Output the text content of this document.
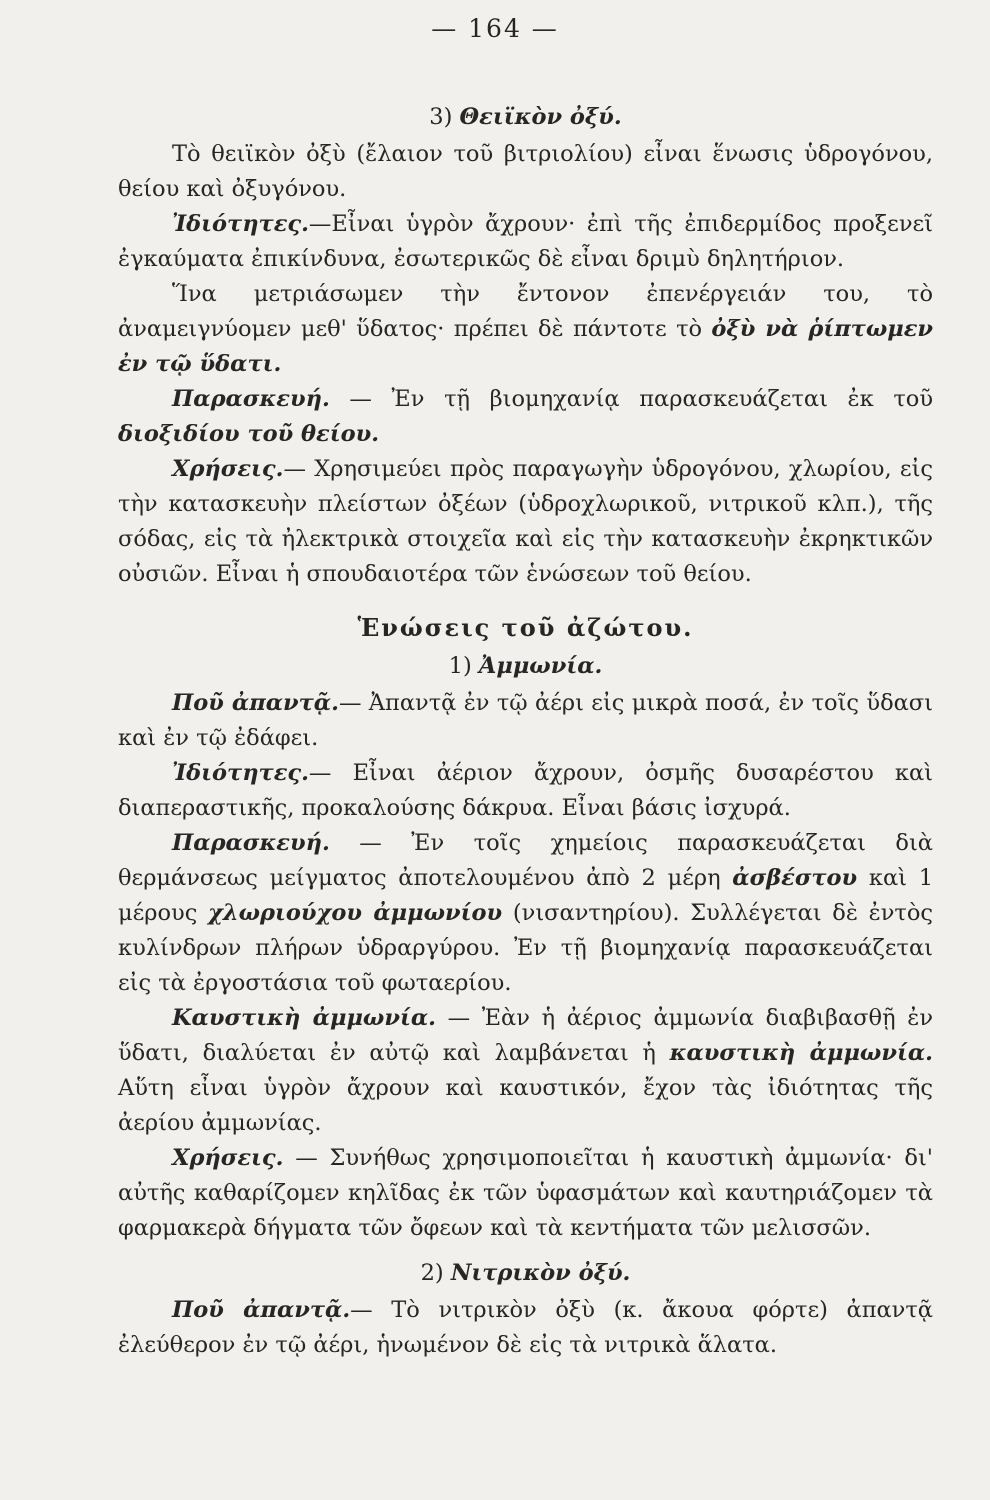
— 164 —

3) Θειϊκὸν ὀξύ.

Τὸ θειϊκὸν ὀξὺ (ἔλαιον τοῦ βιτριολίου) εἶναι ἕνωσις ὑδρογόνου, θείου καὶ ὀξυγόνου.

Ἰδιότητες.—Εἶναι ὑγρὸν ἄχρουν· ἐπὶ τῆς ἐπιδερμίδος προξενεῖ ἐγκαύματα ἐπικίνδυνα, ἐσωτερικῶς δὲ εἶναι δριμὺ δηλητήριον.

Ἵνα μετριάσωμεν τὴν ἔντονον ἐπενέργειάν του, τὸ ἀναμειγνύομεν μεθ' ὕδατος· πρέπει δὲ πάντοτε τὸ ὀξὺ νὰ ῥίπτωμεν ἐν τῷ ὕδατι.

Παρασκευή. — Ἐν τῇ βιομηχανίᾳ παρασκευάζεται ἐκ τοῦ διοξιδίου τοῦ θείου.

Χρήσεις.— Χρησιμεύει πρὸς παραγωγὴν ὑδρογόνου, χλωρίου, εἰς τὴν κατασκευὴν πλείστων ὀξέων (ὑδροχλωρικοῦ, νιτρικοῦ κλπ.), τῆς σόδας, εἰς τὰ ἠλεκτρικὰ στοιχεῖα καὶ εἰς τὴν κατασκευὴν ἐκρηκτικῶν οὐσιῶν. Εἶναι ἡ σπουδαιοτέρα τῶν ἑνώσεων τοῦ θείου.

Ἑνώσεις τοῦ ἀζώτου.

1) Ἀμμωνία.

Ποῦ ἀπαντᾷ.— Ἀπαντᾷ ἐν τῷ ἀέρι εἰς μικρὰ ποσά, ἐν τοῖς ὕδασι καὶ ἐν τῷ ἐδάφει.

Ἰδιότητες.— Εἶναι ἀέριον ἄχρουν, ὀσμῆς δυσαρέστου καὶ διαπεραστικῆς, προκαλούσης δάκρυα. Εἶναι βάσις ἰσχυρά.

Παρασκευή. — Ἐν τοῖς χημείοις παρασκευάζεται διὰ θερμάνσεως μείγματος ἀποτελουμένου ἀπὸ 2 μέρη ἀσβέστου καὶ 1 μέρους χλωριούχου ἀμμωνίου (νισαντηρίου). Συλλέγεται δὲ ἐντὸς κυλίνδρων πλήρων ὑδραργύρου. Ἐν τῇ βιομηχανίᾳ παρασκευάζεται εἰς τὰ ἐργοστάσια τοῦ φωταερίου.

Καυστικὴ ἀμμωνία. — Ἐὰν ἡ ἀέριος ἀμμωνία διαβιβασθῇ ἐν ὕδατι, διαλύεται ἐν αὐτῷ καὶ λαμβάνεται ἡ καυστικὴ ἀμμωνία. Αὕτη εἶναι ὑγρὸν ἄχρουν καὶ καυστικόν, ἔχον τὰς ἰδιότητας τῆς ἀερίου ἀμμωνίας.

Χρήσεις. — Συνήθως χρησιμοποιεῖται ἡ καυστικὴ ἀμμωνία· δι' αὐτῆς καθαρίζομεν κηλῖδας ἐκ τῶν ὑφασμάτων καὶ καυτηριάζομεν τὰ φαρμακερὰ δήγματα τῶν ὄφεων καὶ τὰ κεντήματα τῶν μελισσῶν.

2) Νιτρικὸν ὀξύ.

Ποῦ ἀπαντᾷ.— Τὸ νιτρικὸν ὀξὺ (κ. ἄκουα φόρτε) ἀπαντᾷ ἐλεύθερον ἐν τῷ ἀέρι, ἡνωμένον δὲ εἰς τὰ νιτρικὰ ἅλατα.
